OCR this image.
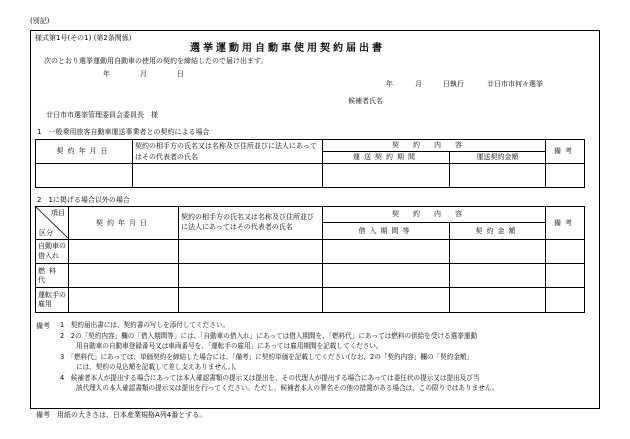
(別記)
様式第1号(その1) (第2条関係)
選挙運動用自動車使用契約届出書
次のとおり選挙運動用自動車の使用の契約を締結したので届け出ます。
年	月	日
年	月	日執行	廿日市市何々選挙
候補者氏名
廿日市市選挙管理委員会委員長　様
1　一般乗用旅客自動車運送事業者との契約による場合
契約年月日	契約の相手方の氏名又は名称及び住所並びに法人にあってはその代表者の氏名	契約内容		備考
		運送契約期間	運送契約金額	

2　1に掲げる場合以外の場合
項目
区分	契約年月日	契約の相手方の氏名又は名称及び住所並びに法人にあってはその代表者の氏名	契約内容		備考
			借入期間等	契約金額	
自動車の借入れ					
燃料代					
運転手の雇用					
備考 1　契約届出書には、契約書の写しを添付してください。
2　2の「契約内容」欄の「借入期間等」には、「自動車の借入れ」にあっては借入期間を、「燃料代」にあっては燃料の供給を受ける選挙運動
用自動車の自動車登録番号又は車両番号を、「運転手の雇用」にあっては雇用期間を記載してください。
3　「燃料代」にあっては、単価契約を締結した場合には、「備考」に契約単価を記載してください(なお、2の「契約内容」欄の「契約金額」
には、契約の見込額を記載して差し支えありません。)。
4　候補者本人が提出する場合にあっては本人確認書類の提示又は提出を、その代理人が提出する場合にあっては委任状の提示又は提出及び当
該代理人の本人確認書類の提示又は提出を行ってください。ただし、候補者本人の署名その他の措置がある場合は、この限りではありません。
備考　用紙の大きさは、日本産業規格A列4番とする。
